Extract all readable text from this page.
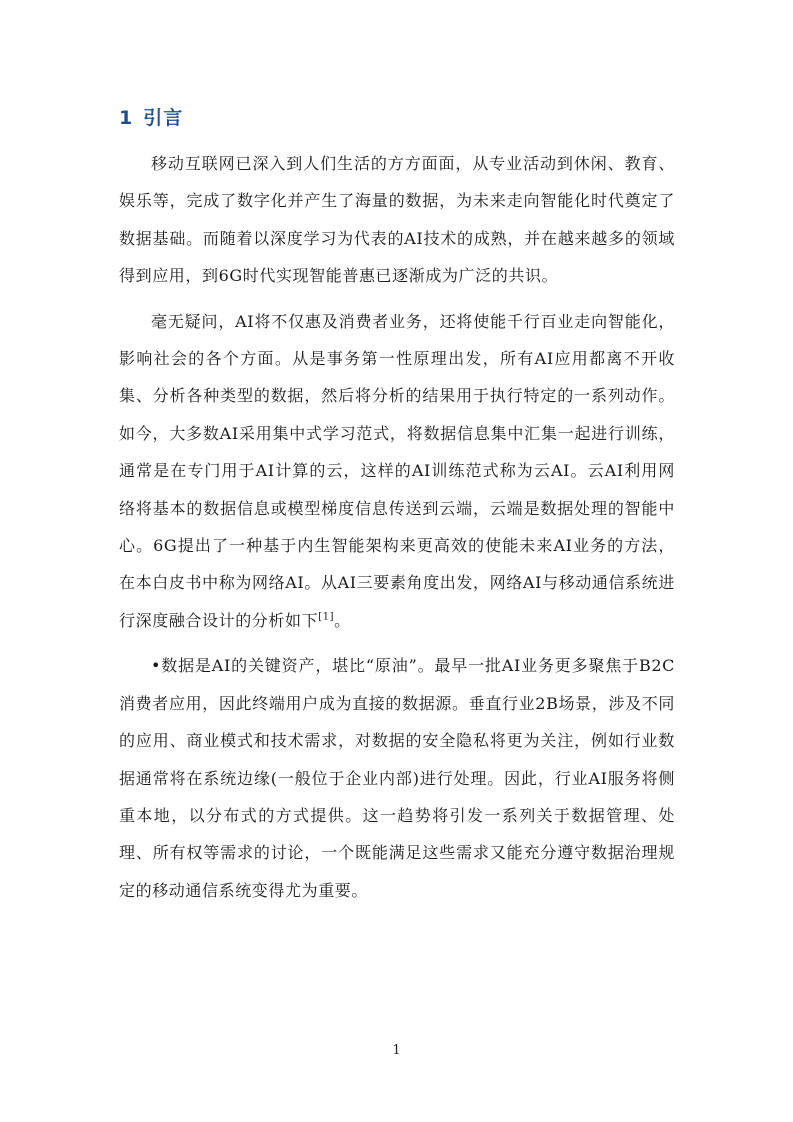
1 引言

移动互联网已深入到人们生活的方方面面，从专业活动到休闲、教育、娱乐等，完成了数字化并产生了海量的数据，为未来走向智能化时代奠定了数据基础。而随着以深度学习为代表的AI技术的成熟，并在越来越多的领域得到应用，到6G时代实现智能普惠已逐渐成为广泛的共识。

毫无疑问，AI将不仅惠及消费者业务，还将使能千行百业走向智能化，影响社会的各个方面。从是事务第一性原理出发，所有AI应用都离不开收集、分析各种类型的数据，然后将分析的结果用于执行特定的一系列动作。如今，大多数AI采用集中式学习范式，将数据信息集中汇集一起进行训练，通常是在专门用于AI计算的云，这样的AI训练范式称为云AI。云AI利用网络将基本的数据信息或模型梯度信息传送到云端，云端是数据处理的智能中心。6G提出了一种基于内生智能架构来更高效的使能未来AI业务的方法，在本白皮书中称为网络AI。从AI三要素角度出发，网络AI与移动通信系统进行深度融合设计的分析如下[1]。

•数据是AI的关键资产，堪比“原油”。最早一批AI业务更多聚焦于B2C消费者应用，因此终端用户成为直接的数据源。垂直行业2B场景，涉及不同的应用、商业模式和技术需求，对数据的安全隐私将更为关注，例如行业数据通常将在系统边缘(一般位于企业内部)进行处理。因此，行业AI服务将侧重本地，以分布式的方式提供。这一趋势将引发一系列关于数据管理、处理、所有权等需求的讨论，一个既能满足这些需求又能充分遵守数据治理规定的移动通信系统变得尤为重要。

1
